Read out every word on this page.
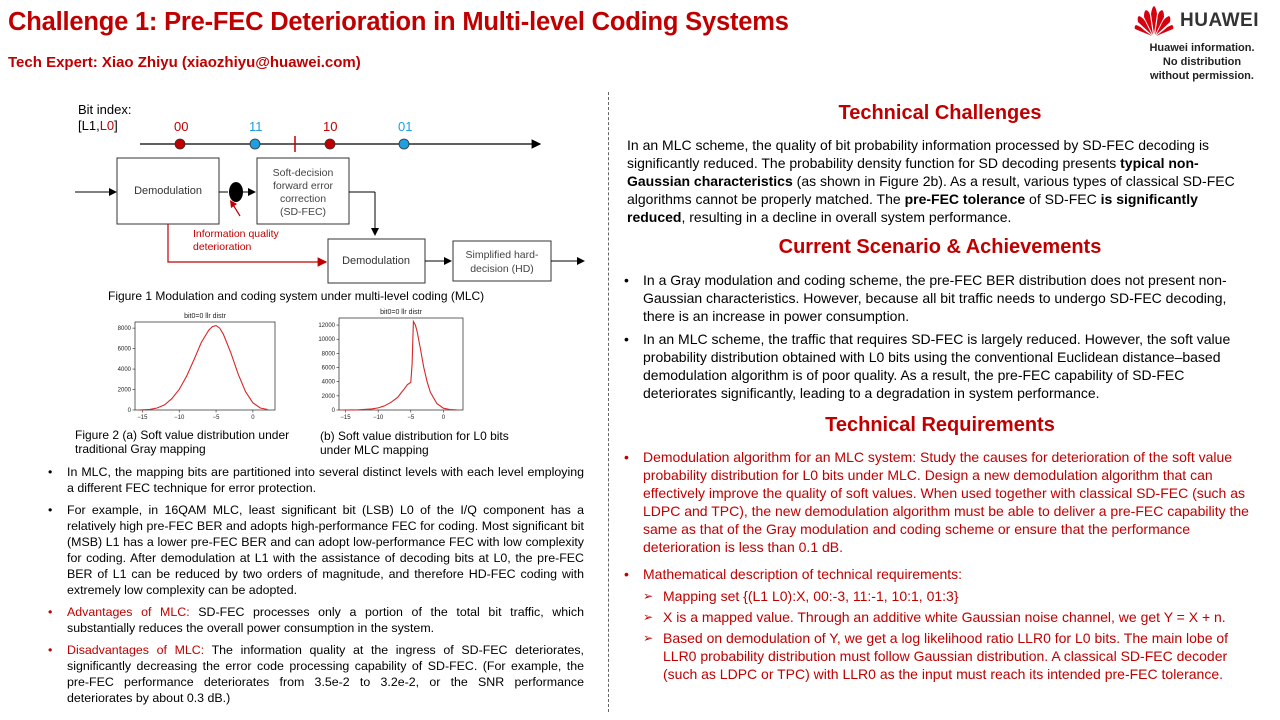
Challenge 1: Pre-FEC Deterioration in Multi-level Coding Systems
Tech Expert: Xiao Zhiyu (xiaozhiyu@huawei.com)
HUAWEI
Huawei information.
No distribution
without permission.
Bit index:
[L1,L0]	00	11	10	01
Demodulation
Soft-decision
forward error
correction
(SD-FEC)
Information quality
deterioration
Demodulation	Simplified hard-
decision (HD)
Figure 1 Modulation and coding system under multi-level coding (MLC)
bit0=0 llr distr
−15	−10	−5	0
0
2000
4000
6000
8000
bit0=0 llr distr
−15	−10	−5	0
0
2000
4000
6000
8000
10000
12000
Figure 2 (a) Soft value distribution under
traditional Gray mapping
(b) Soft value distribution for L0 bits
under MLC mapping
• In MLC, the mapping bits are partitioned into several distinct levels with each level employing a different FEC technique for error protection.
• For example, in 16QAM MLC, least significant bit (LSB) L0 of the I/Q component has a relatively high pre-FEC BER and adopts high-performance FEC for coding. Most significant bit (MSB) L1 has a lower pre-FEC BER and can adopt low-performance FEC with low complexity for coding. After demodulation at L1 with the assistance of decoding bits at L0, the pre-FEC BER of L1 can be reduced by two orders of magnitude, and therefore HD-FEC coding with extremely low complexity can be adopted.
• Advantages of MLC: SD-FEC processes only a portion of the total bit traffic, which substantially reduces the overall power consumption in the system.
• Disadvantages of MLC: The information quality at the ingress of SD-FEC deteriorates, significantly decreasing the error code processing capability of SD-FEC. (For example, the pre-FEC performance deteriorates from 3.5e-2 to 3.2e-2, or the SNR performance deteriorates by about 0.3 dB.)
Technical Challenges
In an MLC scheme, the quality of bit probability information processed by SD-FEC decoding is significantly reduced. The probability density function for SD decoding presents typical non-Gaussian characteristics (as shown in Figure 2b). As a result, various types of classical SD-FEC algorithms cannot be properly matched. The pre-FEC tolerance of SD-FEC is significantly reduced, resulting in a decline in overall system performance.
Current Scenario & Achievements
• In a Gray modulation and coding scheme, the pre-FEC BER distribution does not present non-Gaussian characteristics. However, because all bit traffic needs to undergo SD-FEC decoding, there is an increase in power consumption.
• In an MLC scheme, the traffic that requires SD-FEC is largely reduced. However, the soft value probability distribution obtained with L0 bits using the conventional Euclidean distance–based demodulation algorithm is of poor quality. As a result, the pre-FEC capability of SD-FEC deteriorates significantly, leading to a degradation in system performance.
Technical Requirements
• Demodulation algorithm for an MLC system: Study the causes for deterioration of the soft value probability distribution for L0 bits under MLC. Design a new demodulation algorithm that can effectively improve the quality of soft values. When used together with classical SD-FEC (such as LDPC and TPC), the new demodulation algorithm must be able to deliver a pre-FEC capability the same as that of the Gray modulation and coding scheme or ensure that the performance deterioration is less than 0.1 dB.
• Mathematical description of technical requirements:
➢ Mapping set {(L1 L0):X, 00:-3, 11:-1, 10:1, 01:3}
➢ X is a mapped value. Through an additive white Gaussian noise channel, we get Y = X + n.
➢ Based on demodulation of Y, we get a log likelihood ratio LLR0 for L0 bits. The main lobe of LLR0 probability distribution must follow Gaussian distribution. A classical SD-FEC decoder (such as LDPC or TPC) with LLR0 as the input must reach its intended pre-FEC tolerance.
